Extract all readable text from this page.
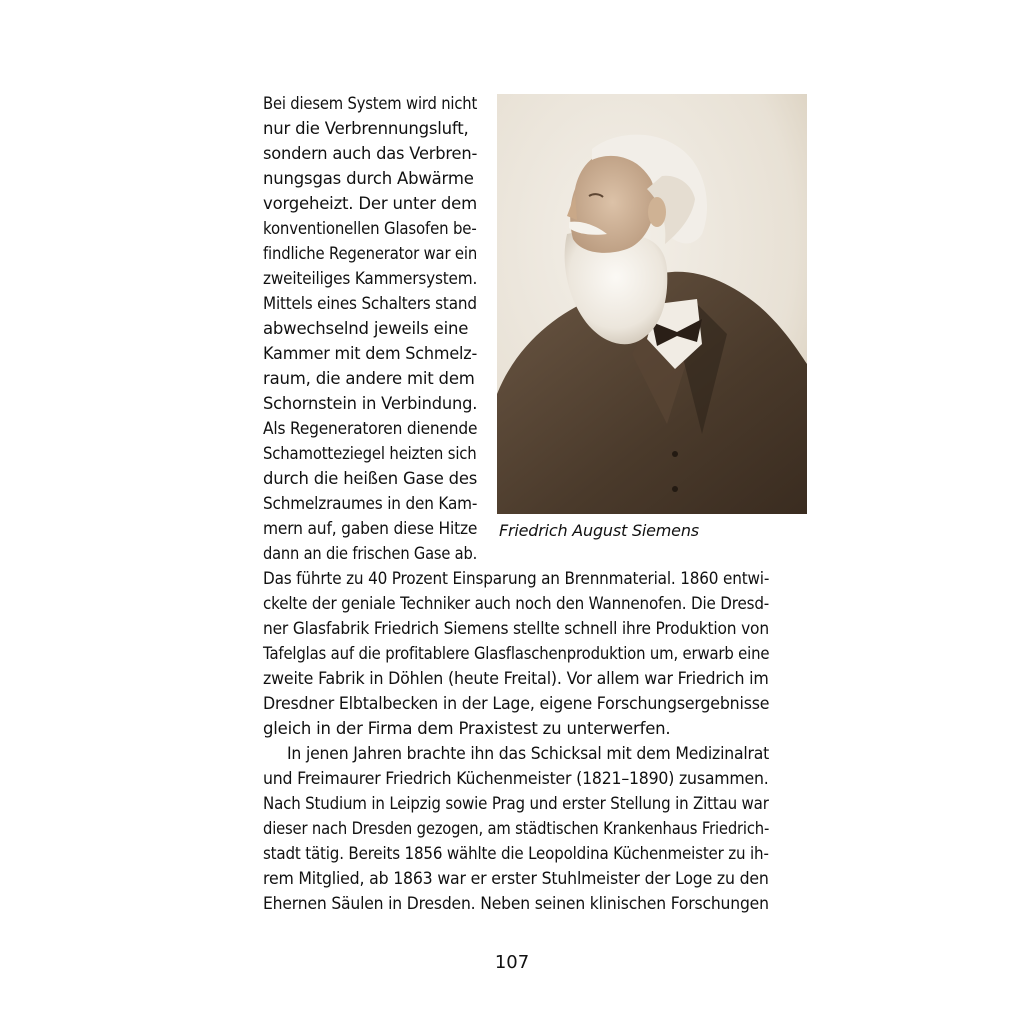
Bei diesem System wird nicht
nur die Verbrennungsluft,
sondern auch das Verbren-
nungsgas durch Abwärme
vorgeheizt. Der unter dem
konventionellen Glasofen be-
findliche Regenerator war ein
zweiteiliges Kammersystem.
Mittels eines Schalters stand
abwechselnd jeweils eine
Kammer mit dem Schmelz-
raum, die andere mit dem
Schornstein in Verbindung.
Als Regeneratoren dienende
Schamotteziegel heizten sich
durch die heißen Gase des
Schmelzraumes in den Kam-
mern auf, gaben diese Hitze
dann an die frischen Gase ab.
Friedrich August Siemens
Das führte zu 40 Prozent Einsparung an Brennmaterial. 1860 entwi-
ckelte der geniale Techniker auch noch den Wannenofen. Die Dresd-
ner Glasfabrik Friedrich Siemens stellte schnell ihre Produktion von
Tafelglas auf die profitablere Glasflaschenproduktion um, erwarb eine
zweite Fabrik in Döhlen (heute Freital). Vor allem war Friedrich im
Dresdner Elbtalbecken in der Lage, eigene Forschungsergebnisse
gleich in der Firma dem Praxistest zu unterwerfen.
In jenen Jahren brachte ihn das Schicksal mit dem Medizinalrat
und Freimaurer Friedrich Küchenmeister (1821–1890) zusammen.
Nach Studium in Leipzig sowie Prag und erster Stellung in Zittau war
dieser nach Dresden gezogen, am städtischen Krankenhaus Friedrich-
stadt tätig. Bereits 1856 wählte die Leopoldina Küchenmeister zu ih-
rem Mitglied, ab 1863 war er erster Stuhlmeister der Loge zu den
Ehernen Säulen in Dresden. Neben seinen klinischen Forschungen
107
